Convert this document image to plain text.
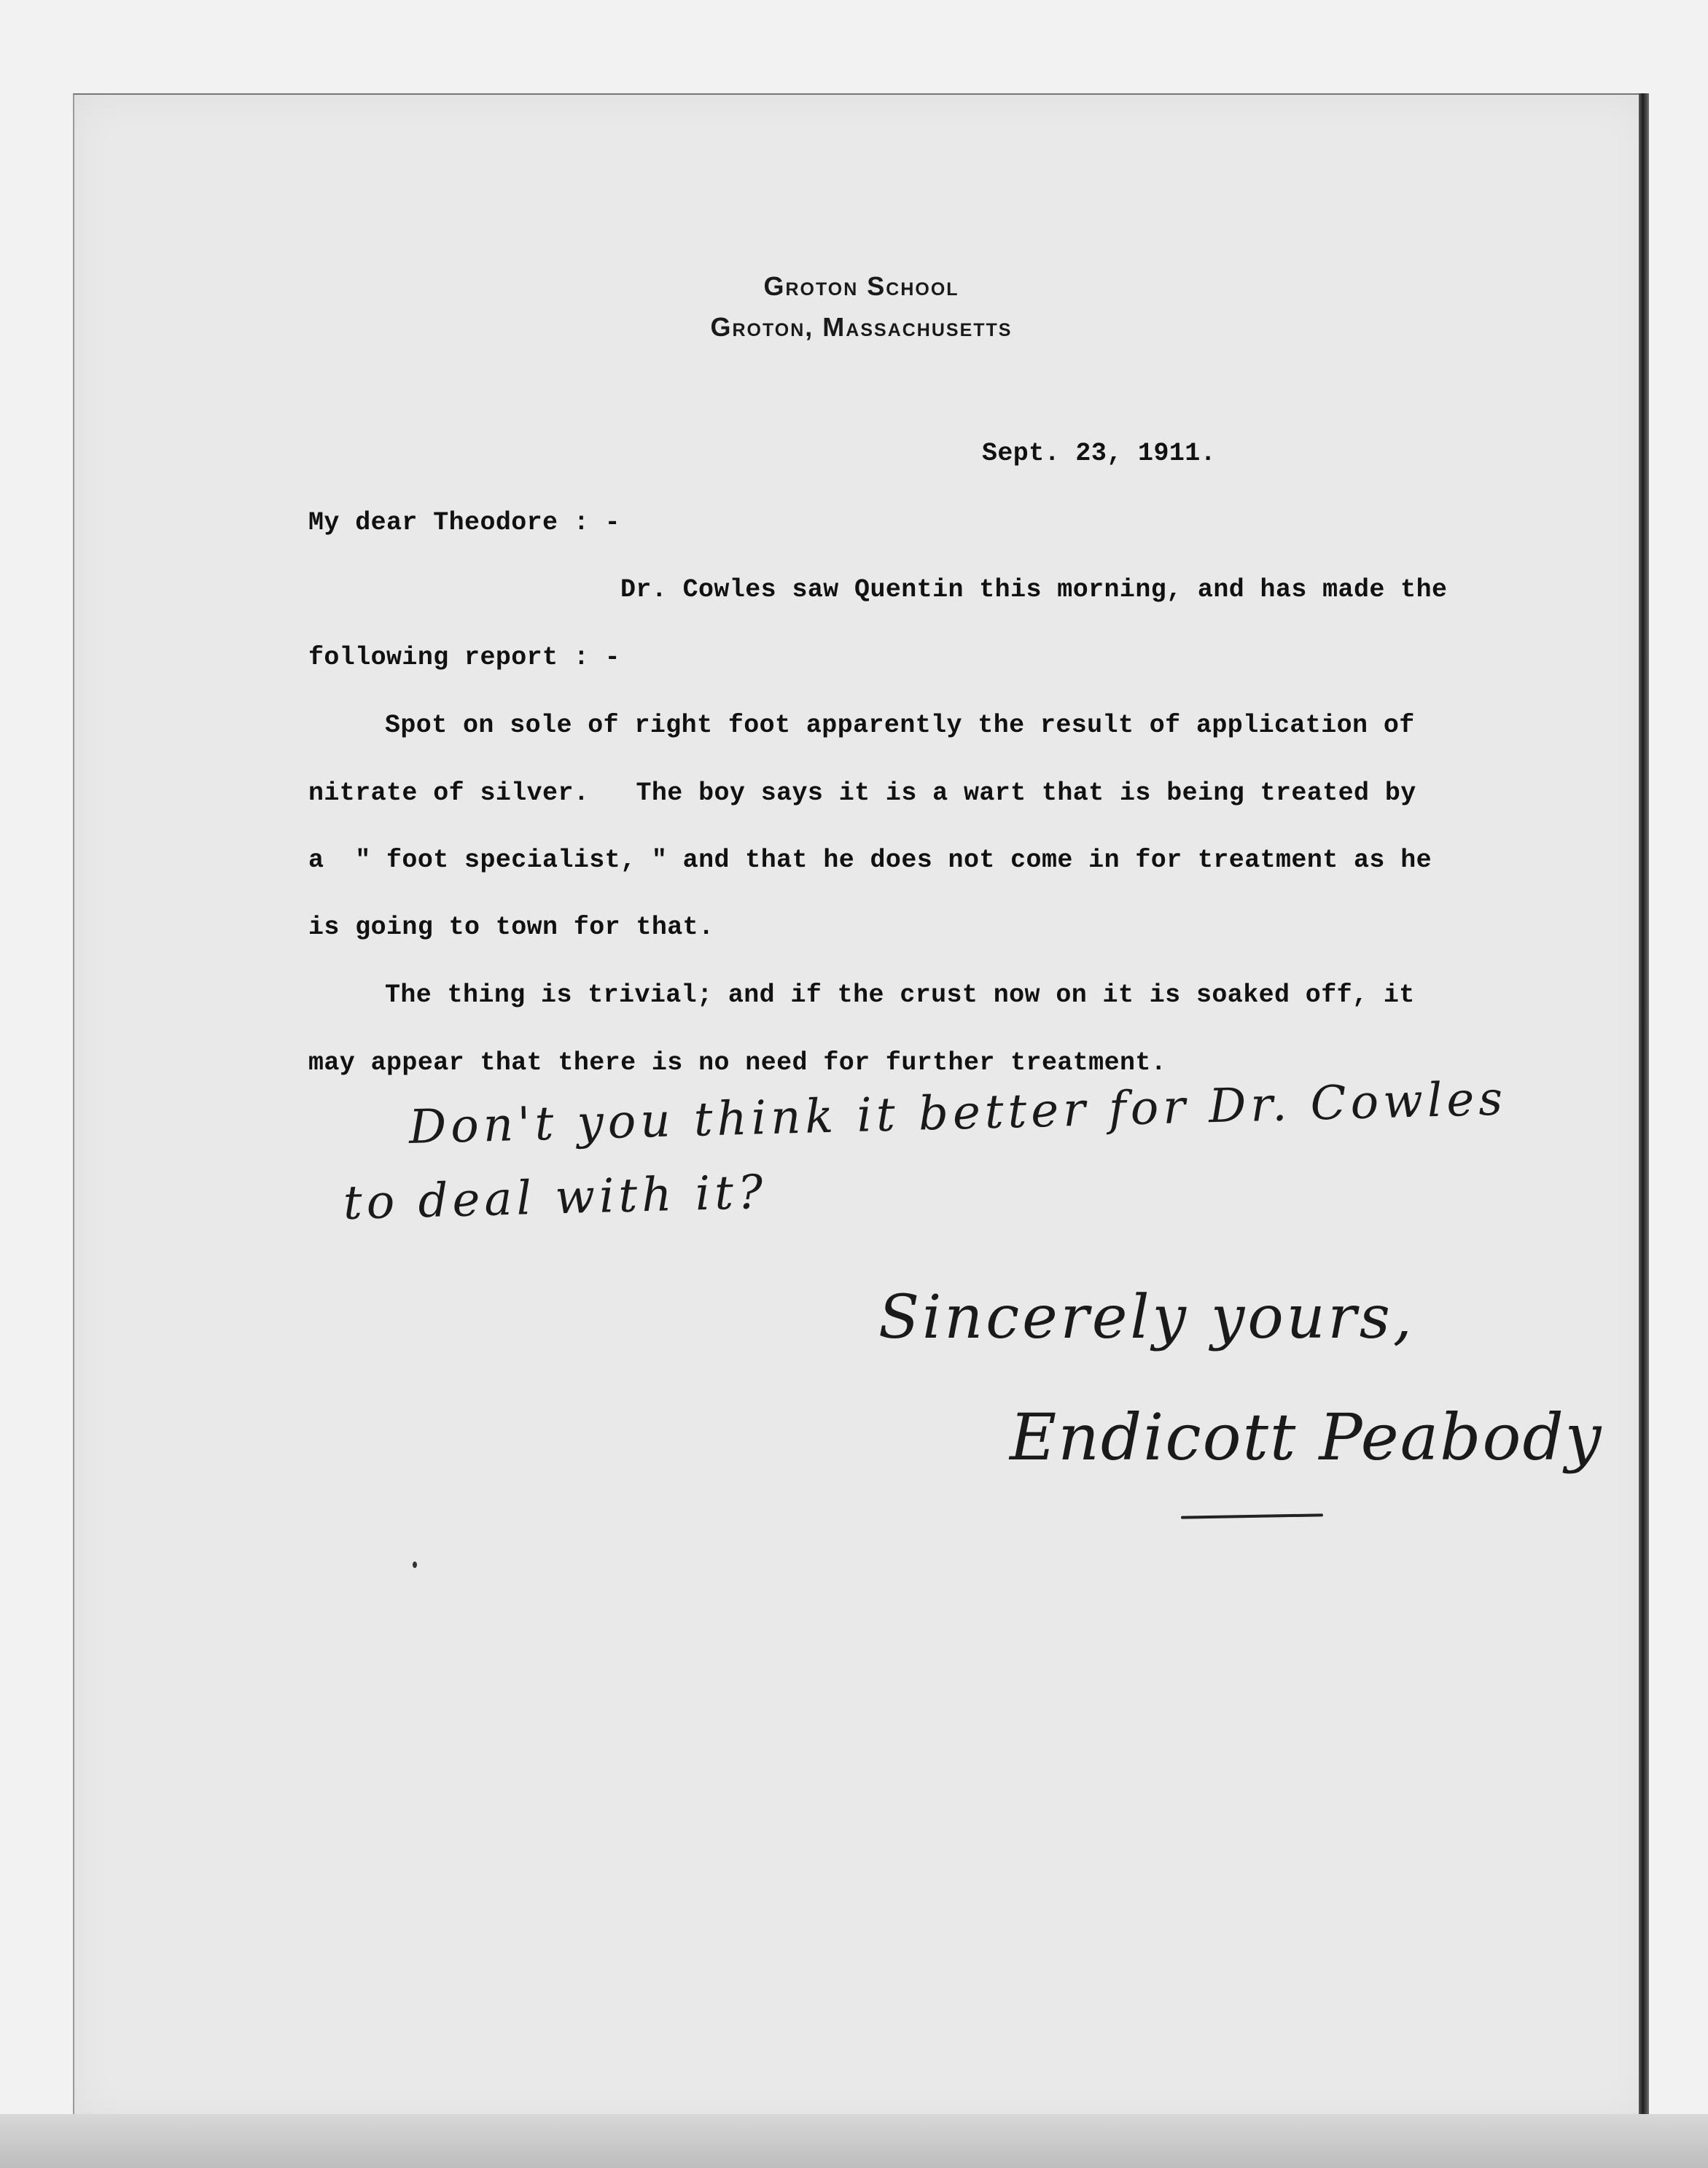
Groton School
Groton, Massachusetts
Sept. 23, 1911.
My dear Theodore : -
Dr. Cowles saw Quentin this morning, and has made the
following report : -
Spot on sole of right foot apparently the result of application of
nitrate of silver.   The boy says it is a wart that is being treated by
a  " foot specialist, " and that he does not come in for treatment as he
is going to town for that.
The thing is trivial; and if the crust now on it is soaked off, it
may appear that there is no need for further treatment.
Don't you think it better for Dr. Cowles
to deal with it?
Sincerely yours,
Endicott Peabody
